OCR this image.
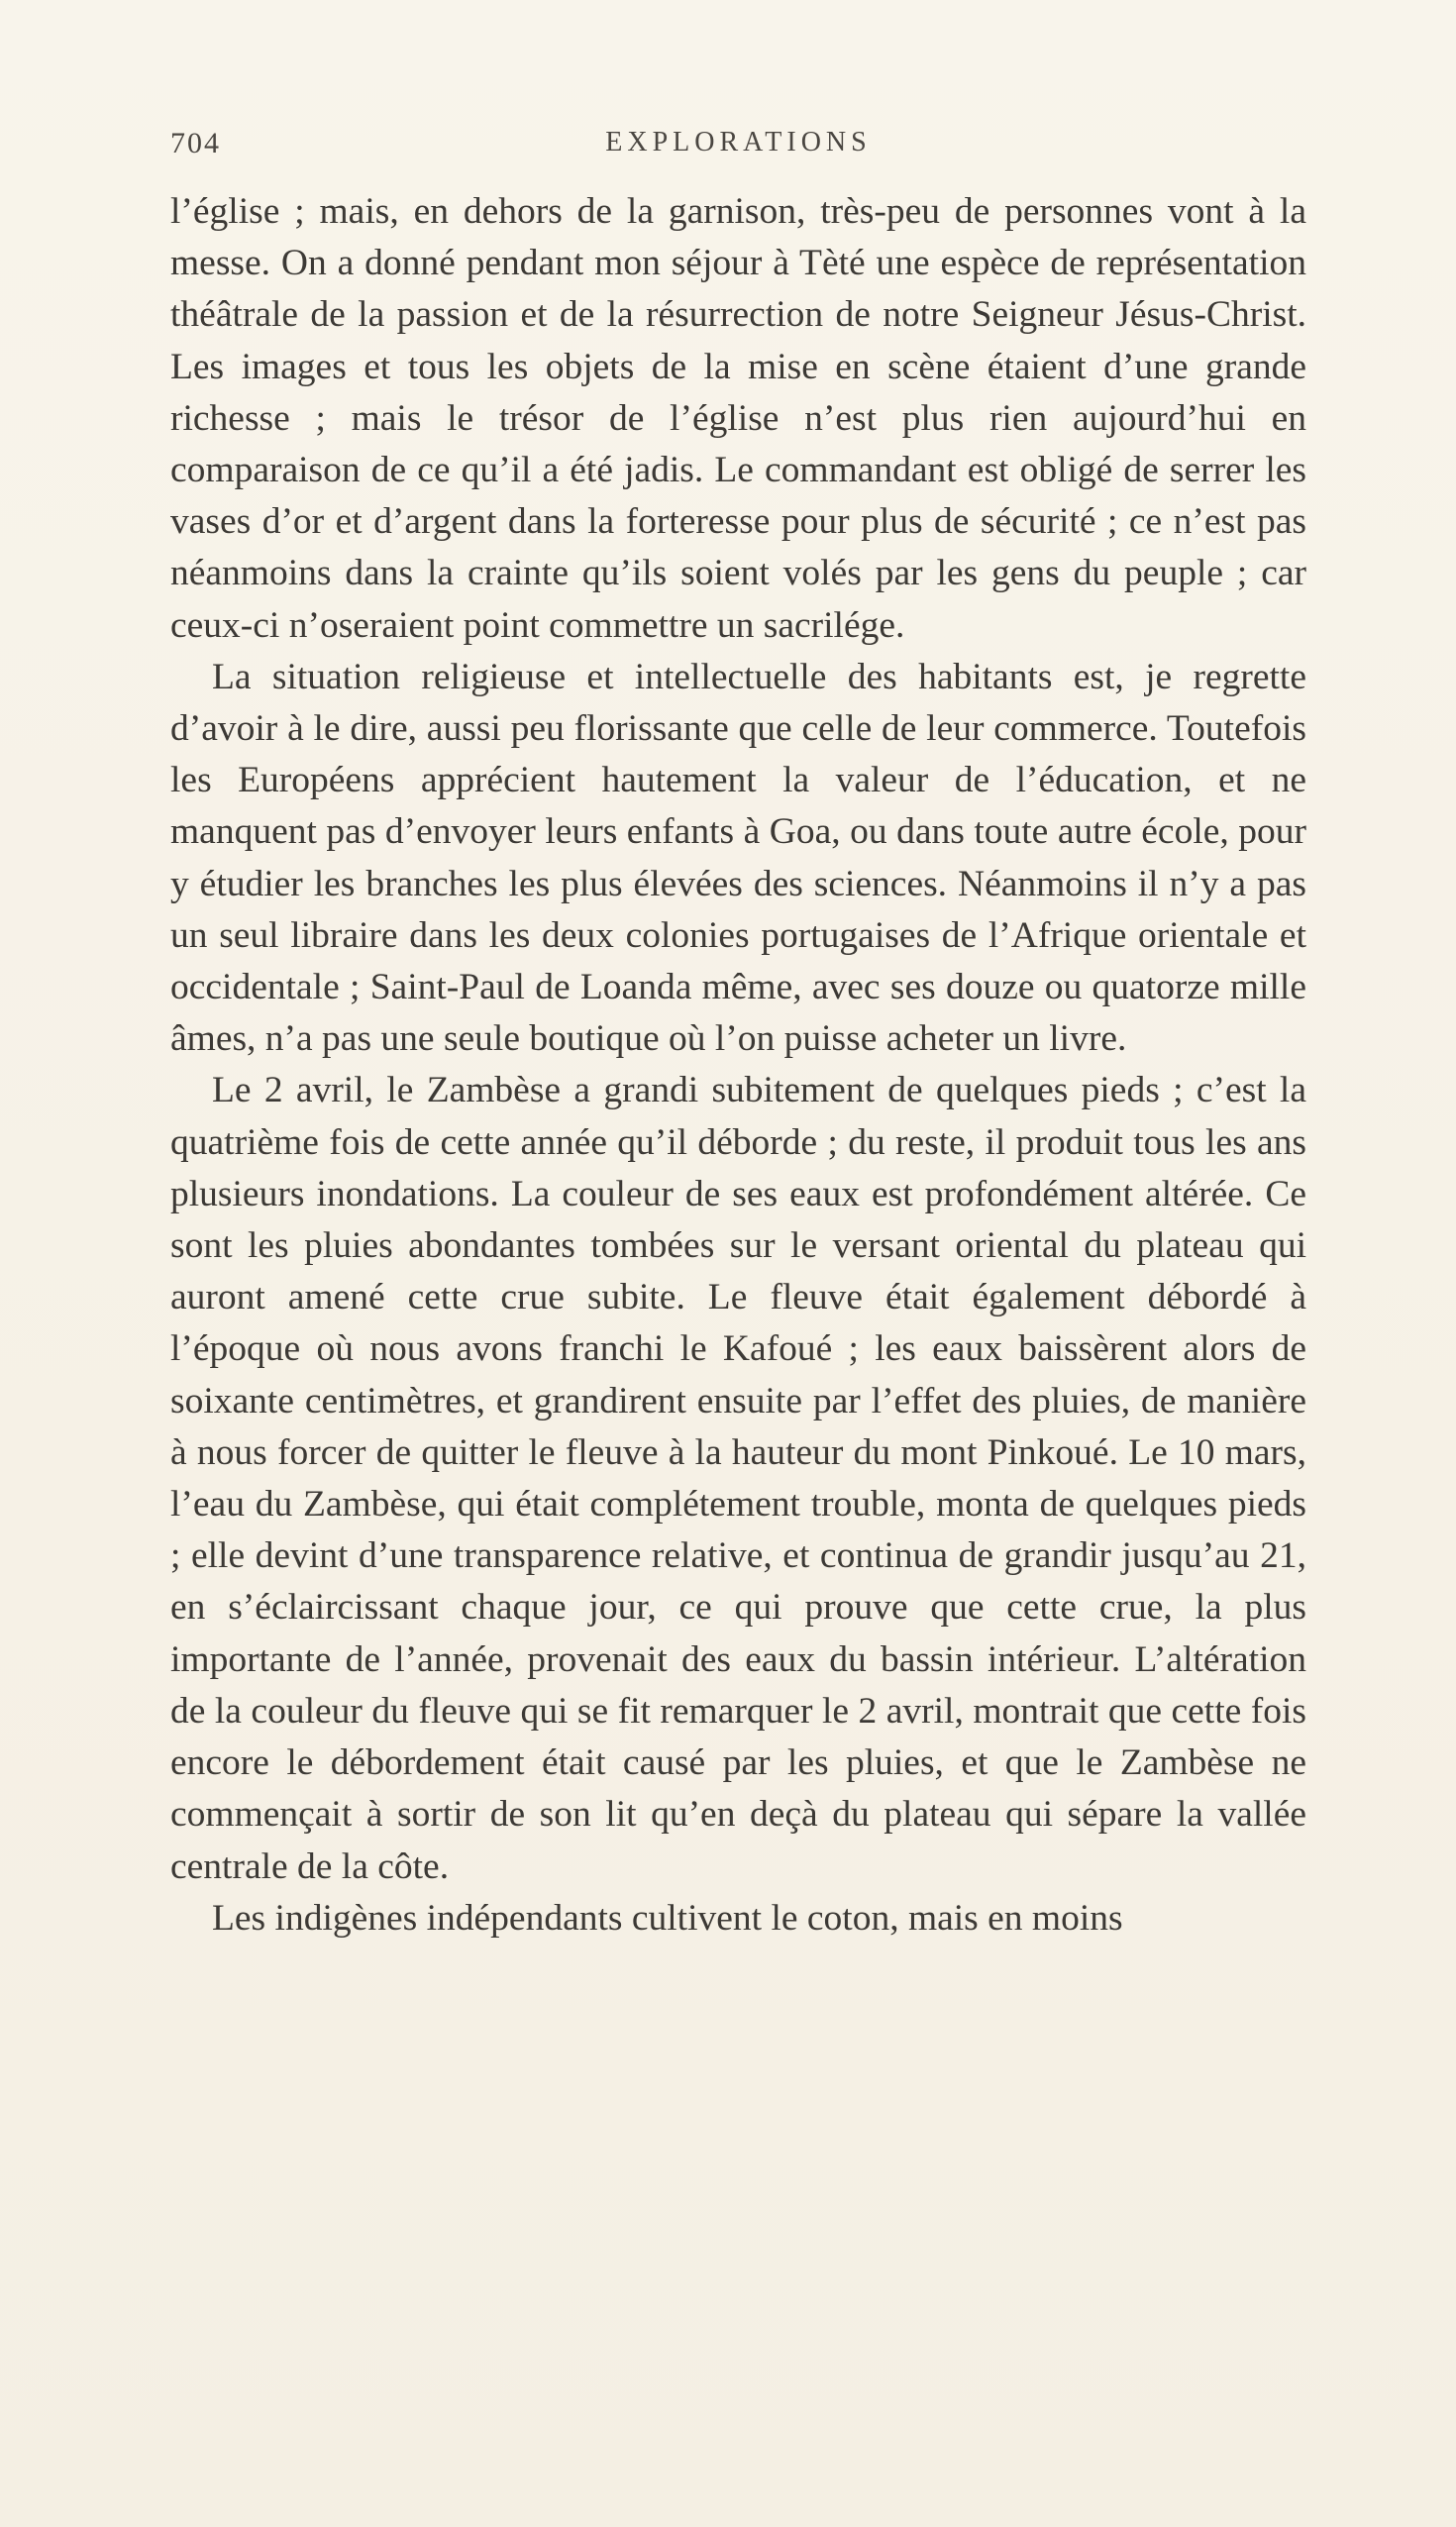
704	EXPLORATIONS

l’église ; mais, en dehors de la garnison, très-peu de personnes vont à la messe. On a donné pendant mon séjour à Tèté une espèce de représentation théâtrale de la passion et de la résurrection de notre Seigneur Jésus-Christ. Les images et tous les objets de la mise en scène étaient d’une grande richesse ; mais le trésor de l’église n’est plus rien aujourd’hui en comparaison de ce qu’il a été jadis. Le commandant est obligé de serrer les vases d’or et d’argent dans la forteresse pour plus de sécurité ; ce n’est pas néanmoins dans la crainte qu’ils soient volés par les gens du peuple ; car ceux-ci n’oseraient point commettre un sacrilége.

La situation religieuse et intellectuelle des habitants est, je regrette d’avoir à le dire, aussi peu florissante que celle de leur commerce. Toutefois les Européens apprécient hautement la valeur de l’éducation, et ne manquent pas d’envoyer leurs enfants à Goa, ou dans toute autre école, pour y étudier les branches les plus élevées des sciences. Néanmoins il n’y a pas un seul libraire dans les deux colonies portugaises de l’Afrique orientale et occidentale ; Saint-Paul de Loanda même, avec ses douze ou quatorze mille âmes, n’a pas une seule boutique où l’on puisse acheter un livre.

Le 2 avril, le Zambèse a grandi subitement de quelques pieds ; c’est la quatrième fois de cette année qu’il déborde ; du reste, il produit tous les ans plusieurs inondations. La couleur de ses eaux est profondément altérée. Ce sont les pluies abondantes tombées sur le versant oriental du plateau qui auront amené cette crue subite. Le fleuve était également débordé à l’époque où nous avons franchi le Kafoué ; les eaux baissèrent alors de soixante centimètres, et grandirent ensuite par l’effet des pluies, de manière à nous forcer de quitter le fleuve à la hauteur du mont Pinkoué. Le 10 mars, l’eau du Zambèse, qui était complétement trouble, monta de quelques pieds ; elle devint d’une transparence relative, et continua de grandir jusqu’au 21, en s’éclaircissant chaque jour, ce qui prouve que cette crue, la plus importante de l’année, provenait des eaux du bassin intérieur. L’altération de la couleur du fleuve qui se fit remarquer le 2 avril, montrait que cette fois encore le débordement était causé par les pluies, et que le Zambèse ne commençait à sortir de son lit qu’en deçà du plateau qui sépare la vallée centrale de la côte.

Les indigènes indépendants cultivent le coton, mais en moins
